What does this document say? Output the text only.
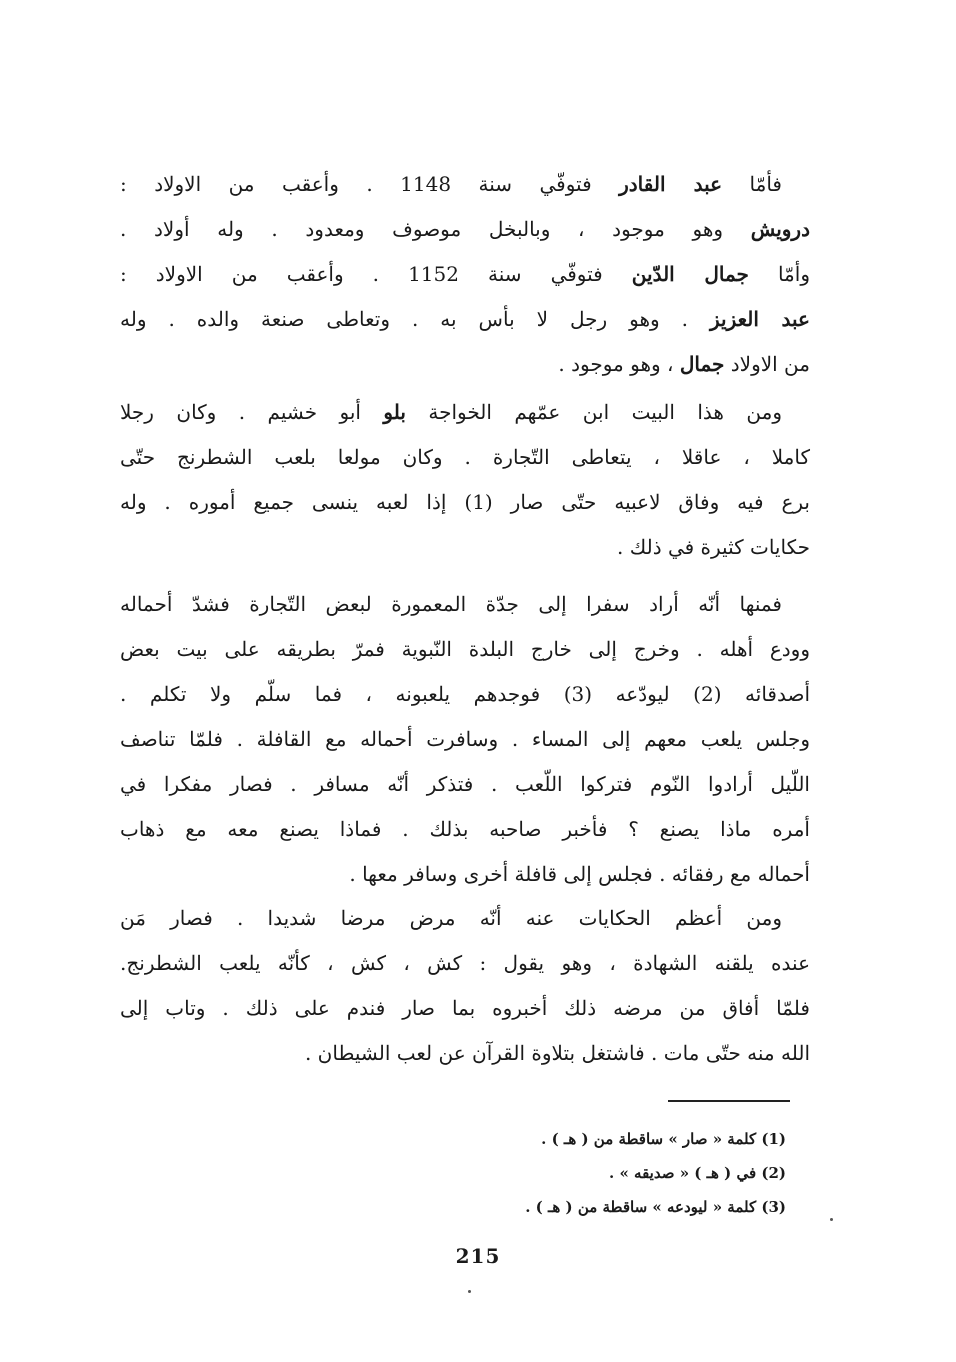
فأمّا عبد القادر فتوفّي سنة 1148 . وأعقب من الاولاد :
درويش وهو موجود ، وبالبخل موصوف ومعدود . وله أولاد .
وأمّا جمال الدّين فتوفّي سنة 1152 . وأعقب من الاولاد :
عبد العزيز . وهو رجل لا بأس به . وتعاطى صنعة والده . وله
من الاولاد جمال ، وهو موجود .
ومن هذا البيت ابن عمّهم الخواجة بلو أبو خشيم . وكان رجلا
كاملا ، عاقلا ، يتعاطى التّجارة . وكان مولعا بلعب الشطرنج حتّى
برع فيه وفاق لاعبيه حتّى صار (1) إذا لعبه ينسى جميع أموره . وله
حكايات كثيرة في ذلك .
فمنها أنّه أراد سفرا إلى جدّة المعمورة لبعض التّجارة فشدّ أحماله
وودع أهله . وخرج إلى خارج البلدة النّبوية فمرّ بطريقه على بيت بعض
أصدقائه (2) ليودّعه (3) فوجدهم يلعبونه ، فما سلّم ولا تكلم .
وجلس يلعب معهم إلى المساء . وسافرت أحماله مع القافلة . فلمّا تناصف
اللّيل أرادوا النّوم فتركوا اللّعب . فتذكر أنّه مسافر . فصار مفكرا في
أمره ماذا يصنع ؟ فأخبر صاحبه بذلك . فماذا يصنع معه مع ذهاب
أحماله مع رفقائه . فجلس إلى قافلة أخرى وسافر معها .
ومن أعظم الحكايات عنه أنّه مرض مرضا شديدا . فصار مَن
عنده يلقنه الشهادة ، وهو يقول : كش ، كش ، كأنّه يلعب الشطرنج.
فلمّا أفاق من مرضه ذلك أخبروه بما صار فندم على ذلك . وتاب إلى
الله منه حتّى مات . فاشتغل بتلاوة القرآن عن لعب الشيطان .
(1) كلمة « صار » ساقطة من ( هـ ) .
(2) في ( هـ ) « صديقه » .
(3) كلمة « ليودعه » ساقطة من ( هـ ) .
215
